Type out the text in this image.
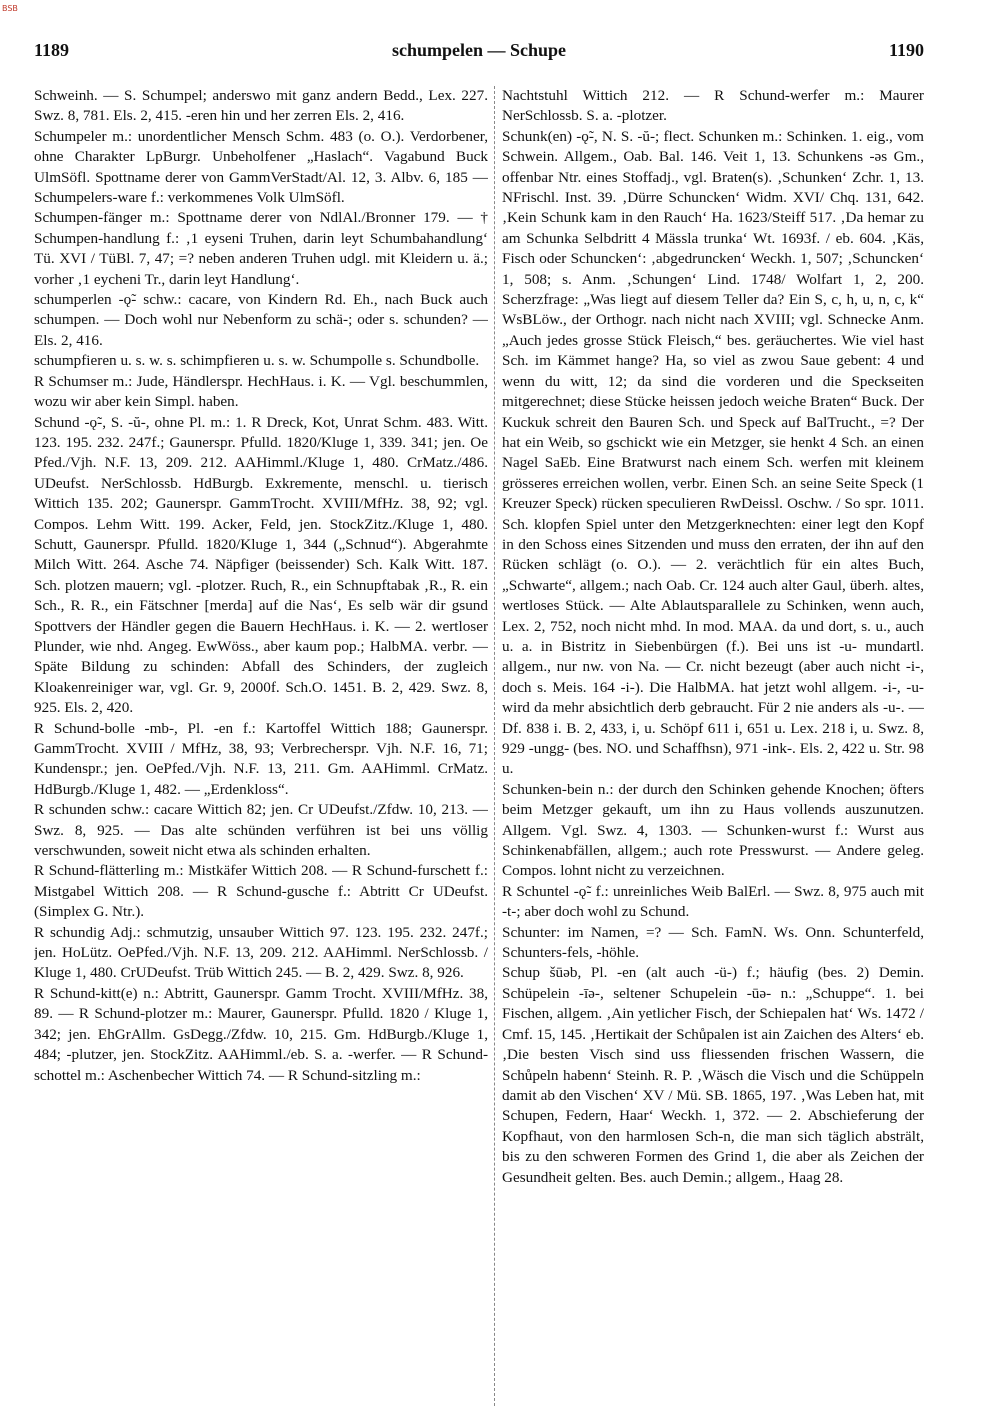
BSB
1189	schumpelen — Schupe	1190

Schweinh. — S. Schumpel; anderswo mit ganz andern Bedd., Lex. 227. Swz. 8, 781. Els. 2, 415. -eren hin und her zerren Els. 2, 416.

Schumpeler m.: unordentlicher Mensch Schm. 483 (o. O.). Verdorbener, ohne Charakter LpBurgr. Unbeholfener „Haslach“. Vagabund Buck UlmSöfl. Spottname derer von GammVerStadt/Al. 12, 3. Albv. 6, 185 — Schumpelers-ware f.: verkommenes Volk UlmSöfl.

Schumpen-fänger m.: Spottname derer von NdlAl./Bronner 179. — † Schumpen-handlung f.: ‚1 eyseni Truhen, darin leyt Schumbahandlung‘ Tü. XVI / TüBl. 7, 47; =? neben anderen Truhen udgl. mit Kleidern u. ä.; vorher ‚1 eycheni Tr., darin leyt Handlung‘.

schumperlen -ǫ̃- schw.: cacare, von Kindern Rd. Eh., nach Buck auch schumpen. — Doch wohl nur Nebenform zu schä-; oder s. schunden? — Els. 2, 416.

schumpfieren u. s. w. s. schimpfieren u. s. w. Schumpolle s. Schundbolle.

R Schumser m.: Jude, Händlerspr. HechHaus. i. K. — Vgl. beschummlen, wozu wir aber kein Simpl. haben.

Schund -ǫ̃-, S. -ŭ-, ohne Pl. m.: 1. R Dreck, Kot, Unrat Schm. 483. Witt. 123. 195. 232. 247f.; Gaunerspr. Pfulld. 1820/Kluge 1, 339. 341; jen. Oe Pfed./Vjh. N.F. 13, 209. 212. AAHimml./Kluge 1, 480. CrMatz./486. UDeufst. NerSchlossb. HdBurgb. Exkremente, menschl. u. tierisch Wittich 135. 202; Gaunerspr. GammTrocht. XVIII/MfHz. 38, 92; vgl. Compos. Lehm Witt. 199. Acker, Feld, jen. StockZitz./Kluge 1, 480. Schutt, Gaunerspr. Pfulld. 1820/Kluge 1, 344 („Schnud“). Abgerahmte Milch Witt. 264. Asche 74. Näpfiger (beissender) Sch. Kalk Witt. 187. Sch. plotzen mauern; vgl. -plotzer. Ruch, R., ein Schnupftabak ‚R., R. ein Sch., R. R., ein Fätschner [merda] auf die Nas‘, Es selb wär dir gsund Spottvers der Händler gegen die Bauern HechHaus. i. K. — 2. wertloser Plunder, wie nhd. Angeg. EwWöss., aber kaum pop.; HalbMA. verbr. — Späte Bildung zu schinden: Abfall des Schinders, der zugleich Kloakenreiniger war, vgl. Gr. 9, 2000f. Sch.O. 1451. B. 2, 429. Swz. 8, 925. Els. 2, 420.

R Schund-bolle -mb-, Pl. -en f.: Kartoffel Wittich 188; Gaunerspr. GammTrocht. XVIII / MfHz, 38, 93; Verbrecherspr. Vjh. N.F. 16, 71; Kundenspr.; jen. OePfed./Vjh. N.F. 13, 211. Gm. AAHimml. CrMatz. HdBurgb./Kluge 1, 482. — „Erdenkloss“.

R schunden schw.: cacare Wittich 82; jen. Cr UDeufst./Zfdw. 10, 213. — Swz. 8, 925. — Das alte schünden verführen ist bei uns völlig verschwunden, soweit nicht etwa als schinden erhalten.

R Schund-flätterling m.: Mistkäfer Wittich 208. — R Schund-furschett f.: Mistgabel Wittich 208. — R Schund-gusche f.: Abtritt Cr UDeufst. (Simplex G. Ntr.).

R schundig Adj.: schmutzig, unsauber Wittich 97. 123. 195. 232. 247f.; jen. HoLütz. OePfed./Vjh. N.F. 13, 209. 212. AAHimml. NerSchlossb. / Kluge 1, 480. CrUDeufst. Trüb Wittich 245. — B. 2, 429. Swz. 8, 926.

R Schund-kitt(e) n.: Abtritt, Gaunerspr. Gamm Trocht. XVIII/MfHz. 38, 89. — R Schund-plotzer m.: Maurer, Gaunerspr. Pfulld. 1820 / Kluge 1, 342; jen. EhGrAllm. GsDegg./Zfdw. 10, 215. Gm. HdBurgb./Kluge 1, 484; -plutzer, jen. StockZitz. AAHimml./eb. S. a. -werfer. — R Schund-schottel m.: Aschenbecher Wittich 74. — R Schund-sitzling m.:

Nachtstuhl Wittich 212. — R Schund-werfer m.: Maurer NerSchlossb. S. a. -plotzer.

Schunk(en) -ǫ̃-, N. S. -ŭ-; flect. Schunken m.: Schinken. 1. eig., vom Schwein. Allgem., Oab. Bal. 146. Veit 1, 13. Schunkens -əs Gm., offenbar Ntr. eines Stoffadj., vgl. Braten(s). ‚Schunken‘ Zchr. 1, 13. NFrischl. Inst. 39. ‚Dürre Schuncken‘ Widm. XVI/ Chq. 131, 642. ‚Kein Schunk kam in den Rauch‘ Ha. 1623/Steiff 517. ‚Da hemar zu am Schunka Selbdritt 4 Mässla trunka‘ Wt. 1693f. / eb. 604. ‚Käs, Fisch oder Schuncken‘: ‚abgedruncken‘ Weckh. 1, 507; ‚Schuncken‘ 1, 508; s. Anm. ‚Schungen‘ Lind. 1748/ Wolfart 1, 2, 200. Scherzfrage: „Was liegt auf diesem Teller da? Ein S, c, h, u, n, c, k“ WsBLöw., der Orthogr. nach nicht nach XVIII; vgl. Schnecke Anm. „Auch jedes grosse Stück Fleisch,“ bes. geräuchertes. Wie viel hast Sch. im Kämmet hange? Ha, so viel as zwou Saue gebent: 4 und wenn du witt, 12; da sind die vorderen und die Speckseiten mitgerechnet; diese Stücke heissen jedoch weiche Braten“ Buck. Der Kuckuk schreit den Bauren Sch. und Speck auf BalTrucht., =? Der hat ein Weib, so gschickt wie ein Metzger, sie henkt 4 Sch. an einen Nagel SaEb. Eine Bratwurst nach einem Sch. werfen mit kleinem grösseres erreichen wollen, verbr. Einen Sch. an seine Seite Speck (1 Kreuzer Speck) rücken speculieren RwDeissl. Oschw. / So spr. 1011. Sch. klopfen Spiel unter den Metzgerknechten: einer legt den Kopf in den Schoss eines Sitzenden und muss den erraten, der ihn auf den Rücken schlägt (o. O.). — 2. verächtlich für ein altes Buch, „Schwarte“, allgem.; nach Oab. Cr. 124 auch alter Gaul, überh. altes, wertloses Stück. — Alte Ablautsparallele zu Schinken, wenn auch, Lex. 2, 752, noch nicht mhd. In mod. MAA. da und dort, s. u., auch u. a. in Bistritz in Siebenbürgen (f.). Bei uns ist -u- mundartl. allgem., nur nw. von Na. — Cr. nicht bezeugt (aber auch nicht -i-, doch s. Meis. 164 -i-). Die HalbMA. hat jetzt wohl allgem. -i-, -u- wird da mehr absichtlich derb gebraucht. Für 2 nie anders als -u-. — Df. 838 i. B. 2, 433, i, u. Schöpf 611 i, 651 u. Lex. 218 i, u. Swz. 8, 929 -ungg- (bes. NO. und Schaffhsn), 971 -ink-. Els. 2, 422 u. Str. 98 u.

Schunken-bein n.: der durch den Schinken gehende Knochen; öfters beim Metzger gekauft, um ihn zu Haus vollends auszunutzen. Allgem. Vgl. Swz. 4, 1303. — Schunken-wurst f.: Wurst aus Schinkenabfällen, allgem.; auch rote Presswurst. — Andere geleg. Compos. lohnt nicht zu verzeichnen.

R Schuntel -ǫ̃- f.: unreinliches Weib BalErl. — Swz. 8, 975 auch mit -t-; aber doch wohl zu Schund.

Schunter: im Namen, =? — Sch. FamN. Ws. Onn. Schunterfeld, Schunters-fels, -höhle.

Schup šūəb, Pl. -en (alt auch -ü-) f.; häufig (bes. 2) Demin. Schüpelein -īə-, seltener Schupelein -ūə- n.: „Schuppe“. 1. bei Fischen, allgem. ‚Ain yetlicher Fisch, der Schiepalen hat‘ Ws. 1472 / Cmf. 15, 145. ‚Hertikait der Schůpalen ist ain Zaichen des Alters‘ eb. ‚Die besten Visch sind uss fliessenden frischen Wassern, die Schůpeln habenn‘ Steinh. R. P. ‚Wäsch die Visch und die Schüppeln damit ab den Vischen‘ XV / Mü. SB. 1865, 197. ‚Was Leben hat, mit Schupen, Federn, Haar‘ Weckh. 1, 372. — 2. Abschieferung der Kopfhaut, von den harmlosen Sch-n, die man sich täglich abstrält, bis zu den schweren Formen des Grind 1, die aber als Zeichen der Gesundheit gelten. Bes. auch Demin.; allgem., Haag 28.
